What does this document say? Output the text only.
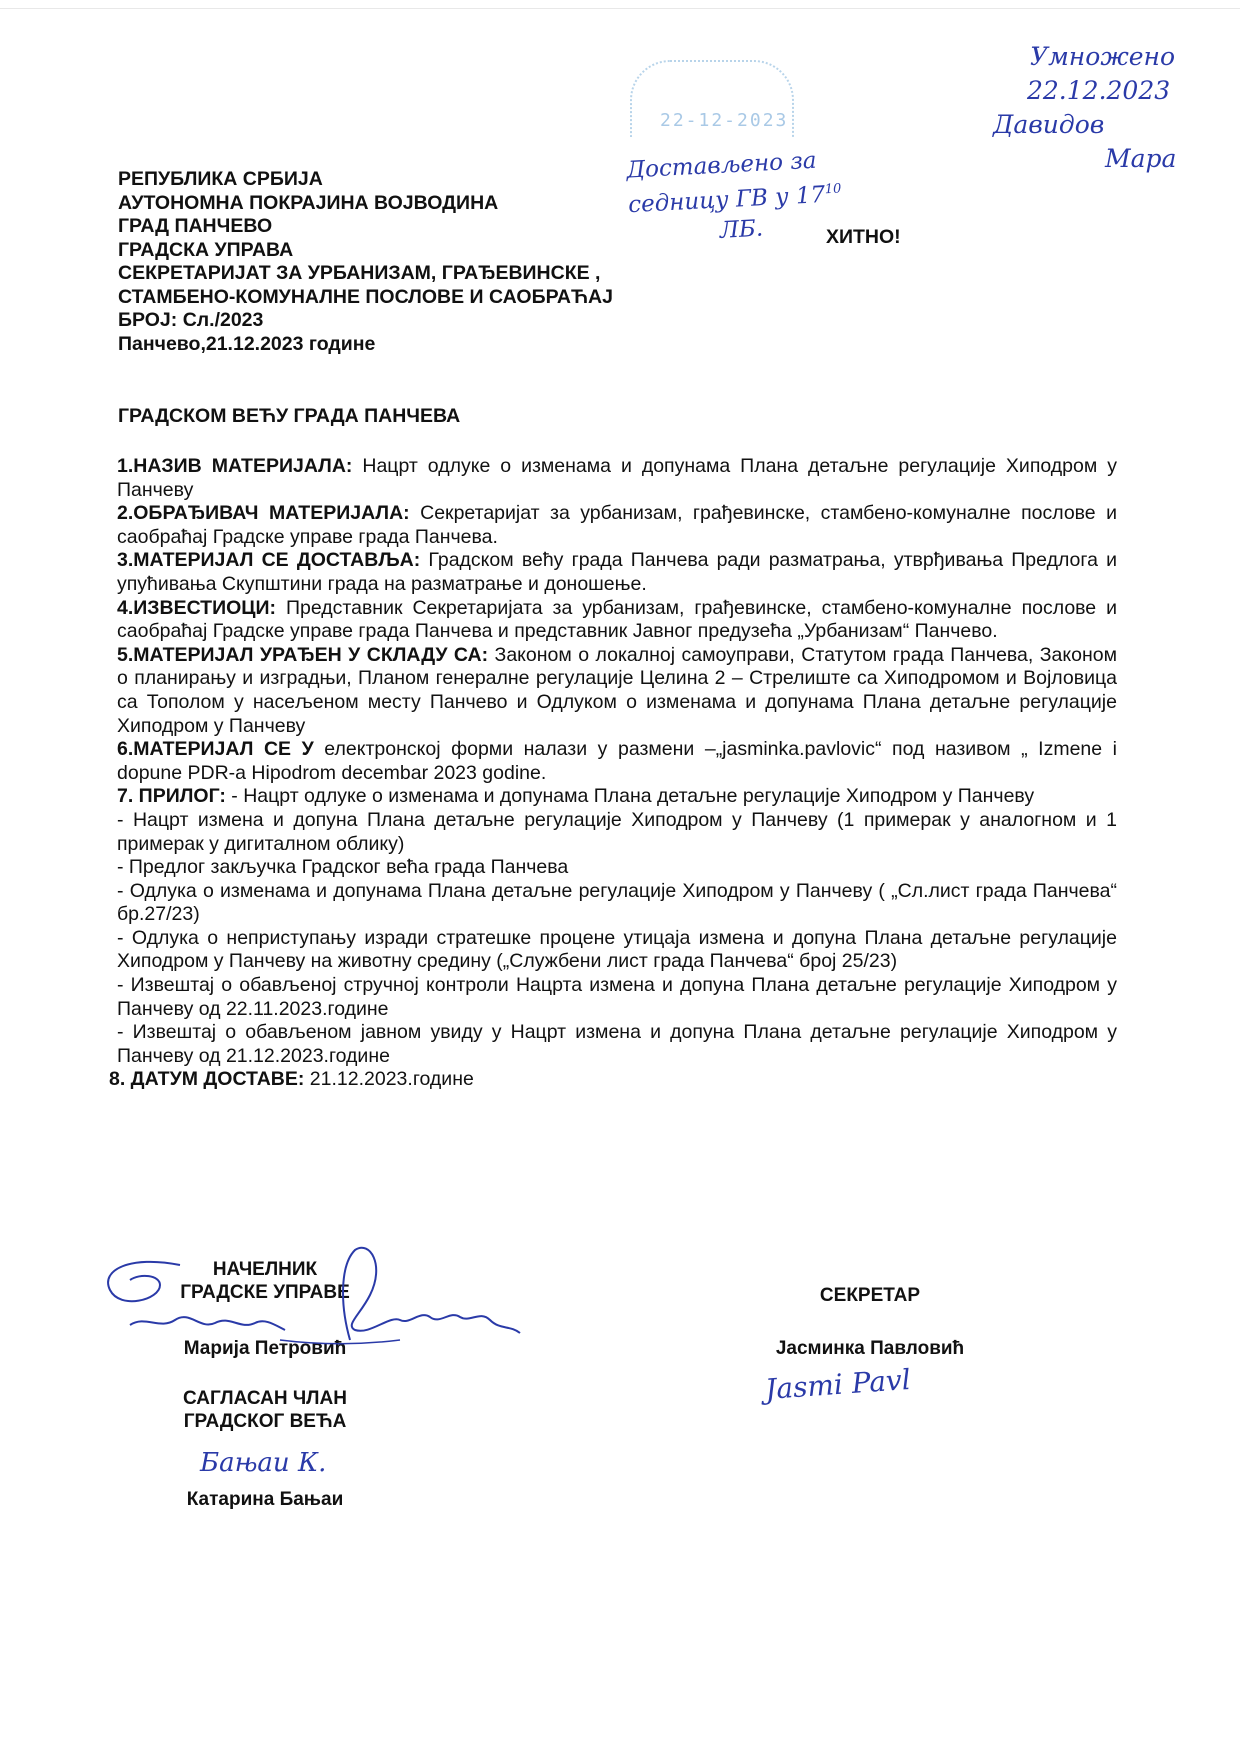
РЕПУБЛИКА СРБИЈА
АУТОНОМНА ПОКРАЈИНА ВОЈВОДИНА
ГРАД ПАНЧЕВО
ГРАДСКА УПРАВА
СЕКРЕТАРИЈАТ ЗА УРБАНИЗАМ, ГРАЂЕВИНСКЕ ,
СТАМБЕНО-КОМУНАЛНЕ ПОСЛОВЕ И САОБРАЋАЈ
БРОЈ: Сл./2023
Панчево,21.12.2023 године
ХИТНО!
22-12-2023
Достављено за
седницу ГВ у $17^{10}$
ЛБ.
Умножено
22.12.2023
Давидов
Мара
ГРАДСКОМ ВЕЋУ ГРАДА ПАНЧЕВА

1.НАЗИВ МАТЕРИЈАЛА: Нацрт одлуке о изменама и допунама Плана детаљне регулације Хиподром у Панчеву

2.ОБРАЂИВАЧ МАТЕРИЈАЛА: Секретаријат за урбанизам, грађевинске, стамбено-комуналне послове и саобраћај Градске управе града Панчева.

3.МАТЕРИЈАЛ СЕ ДОСТАВЉА: Градском већу града Панчева ради разматрања, утврђивања Предлога и упућивања Скупштини града на разматрање и доношење.

4.ИЗВЕСТИОЦИ: Представник Секретаријата за урбанизам, грађевинске, стамбено-комуналне послове и саобраћај Градске управе града Панчева и представник Јавног предузећа „Урбанизам“ Панчево.

5.МАТЕРИЈАЛ УРАЂЕН У СКЛАДУ СА: Законом о локалној самоуправи, Статутом града Панчева, Законом о планирању и изградњи, Планом генералне регулације Целина 2 – Стрелиште са Хиподромом и Војловица са Тополом у насељеном месту Панчево и Одлуком о изменама и допунама Плана детаљне регулације Хиподром у Панчеву

6.МАТЕРИЈАЛ СЕ У електронској форми налази у размени –„jasminka.pavlovic“ под називом „ Izmene i dopune PDR-a Hipodrom decembar 2023 godine.

7. ПРИЛОГ: - Нацрт одлуке о изменама и допунама Плана детаљне регулације Хиподром у Панчеву

- Нацрт измена и допуна Плана детаљне регулације Хиподром у Панчеву (1 примерак у аналогном и 1 примерак у дигиталном облику)

- Предлог закључка Градског већа града Панчева

- Одлука о изменама и допунама Плана детаљне регулације Хиподром у Панчеву ( „Сл.лист града Панчева“ бр.27/23)

- Одлука о неприступању изради стратешке процене утицаја измена и допуна Плана детаљне регулације Хиподром у Панчеву на животну средину („Службени лист града Панчева“ број 25/23)

- Извештај о обављеној стручној контроли Нацрта измена и допуна Плана детаљне регулације Хиподром у Панчеву од 22.11.2023.године

- Извештај о обављеном јавном увиду у Нацрт измена и допуна Плана детаљне регулације Хиподром у Панчеву од 21.12.2023.године

8. ДАТУМ ДОСТАВЕ: 21.12.2023.године

НАЧЕЛНИК
ГРАДСКЕ УПРАВЕ
Марија Петровић
САГЛАСАН ЧЛАН
ГРАДСКОГ ВЕЋА
Бањаи К.
Катарина Бањаи
СЕКРЕТАР
Јасминка Павловић
Jasmi Pavl
